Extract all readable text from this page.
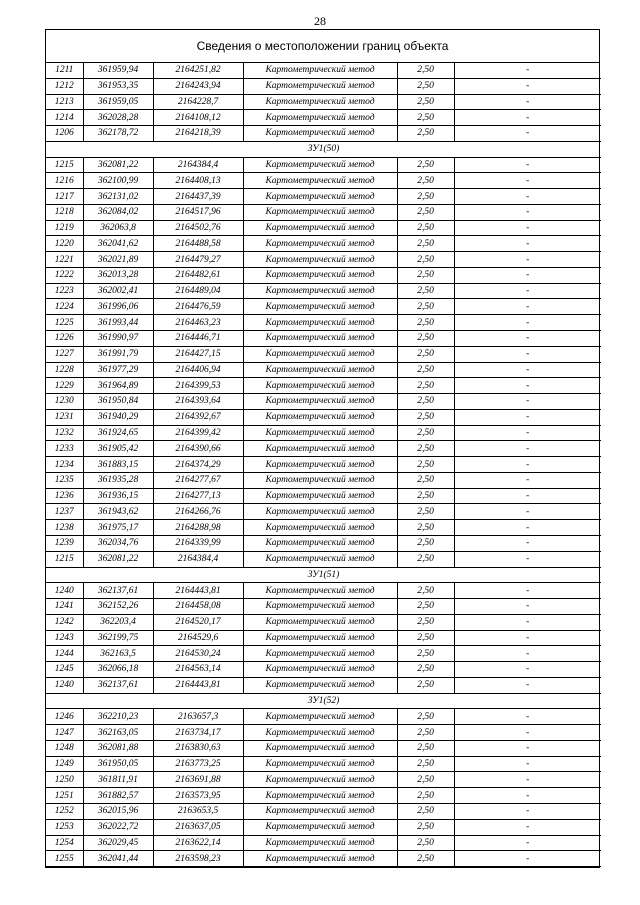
28
Сведения о местоположении границ объекта
1211	361959,94	2164251,82	Картометрический метод	2,50	-
1212	361953,35	2164243,94	Картометрический метод	2,50	-
1213	361959,05	2164228,7	Картометрический метод	2,50	-
1214	362028,28	2164108,12	Картометрический метод	2,50	-
1206	362178,72	2164218,39	Картометрический метод	2,50	-
ЗУ1(50)					
1215	362081,22	2164384,4	Картометрический метод	2,50	-
1216	362100,99	2164408,13	Картометрический метод	2,50	-
1217	362131,02	2164437,39	Картометрический метод	2,50	-
1218	362084,02	2164517,96	Картометрический метод	2,50	-
1219	362063,8	2164502,76	Картометрический метод	2,50	-
1220	362041,62	2164488,58	Картометрический метод	2,50	-
1221	362021,89	2164479,27	Картометрический метод	2,50	-
1222	362013,28	2164482,61	Картометрический метод	2,50	-
1223	362002,41	2164489,04	Картометрический метод	2,50	-
1224	361996,06	2164476,59	Картометрический метод	2,50	-
1225	361993,44	2164463,23	Картометрический метод	2,50	-
1226	361990,97	2164446,71	Картометрический метод	2,50	-
1227	361991,79	2164427,15	Картометрический метод	2,50	-
1228	361977,29	2164406,94	Картометрический метод	2,50	-
1229	361964,89	2164399,53	Картометрический метод	2,50	-
1230	361950,84	2164393,64	Картометрический метод	2,50	-
1231	361940,29	2164392,67	Картометрический метод	2,50	-
1232	361924,65	2164399,42	Картометрический метод	2,50	-
1233	361905,42	2164390,66	Картометрический метод	2,50	-
1234	361883,15	2164374,29	Картометрический метод	2,50	-
1235	361935,28	2164277,67	Картометрический метод	2,50	-
1236	361936,15	2164277,13	Картометрический метод	2,50	-
1237	361943,62	2164266,76	Картометрический метод	2,50	-
1238	361975,17	2164288,98	Картометрический метод	2,50	-
1239	362034,76	2164339,99	Картометрический метод	2,50	-
1215	362081,22	2164384,4	Картометрический метод	2,50	-
ЗУ1(51)					
1240	362137,61	2164443,81	Картометрический метод	2,50	-
1241	362152,26	2164458,08	Картометрический метод	2,50	-
1242	362203,4	2164520,17	Картометрический метод	2,50	-
1243	362199,75	2164529,6	Картометрический метод	2,50	-
1244	362163,5	2164530,24	Картометрический метод	2,50	-
1245	362066,18	2164563,14	Картометрический метод	2,50	-
1240	362137,61	2164443,81	Картометрический метод	2,50	-
ЗУ1(52)					
1246	362210,23	2163657,3	Картометрический метод	2,50	-
1247	362163,05	2163734,17	Картометрический метод	2,50	-
1248	362081,88	2163830,63	Картометрический метод	2,50	-
1249	361950,05	2163773,25	Картометрический метод	2,50	-
1250	361811,91	2163691,88	Картометрический метод	2,50	-
1251	361882,57	2163573,95	Картометрический метод	2,50	-
1252	362015,96	2163653,5	Картометрический метод	2,50	-
1253	362022,72	2163637,05	Картометрический метод	2,50	-
1254	362029,45	2163622,14	Картометрический метод	2,50	-
1255	362041,44	2163598,23	Картометрический метод	2,50	-
